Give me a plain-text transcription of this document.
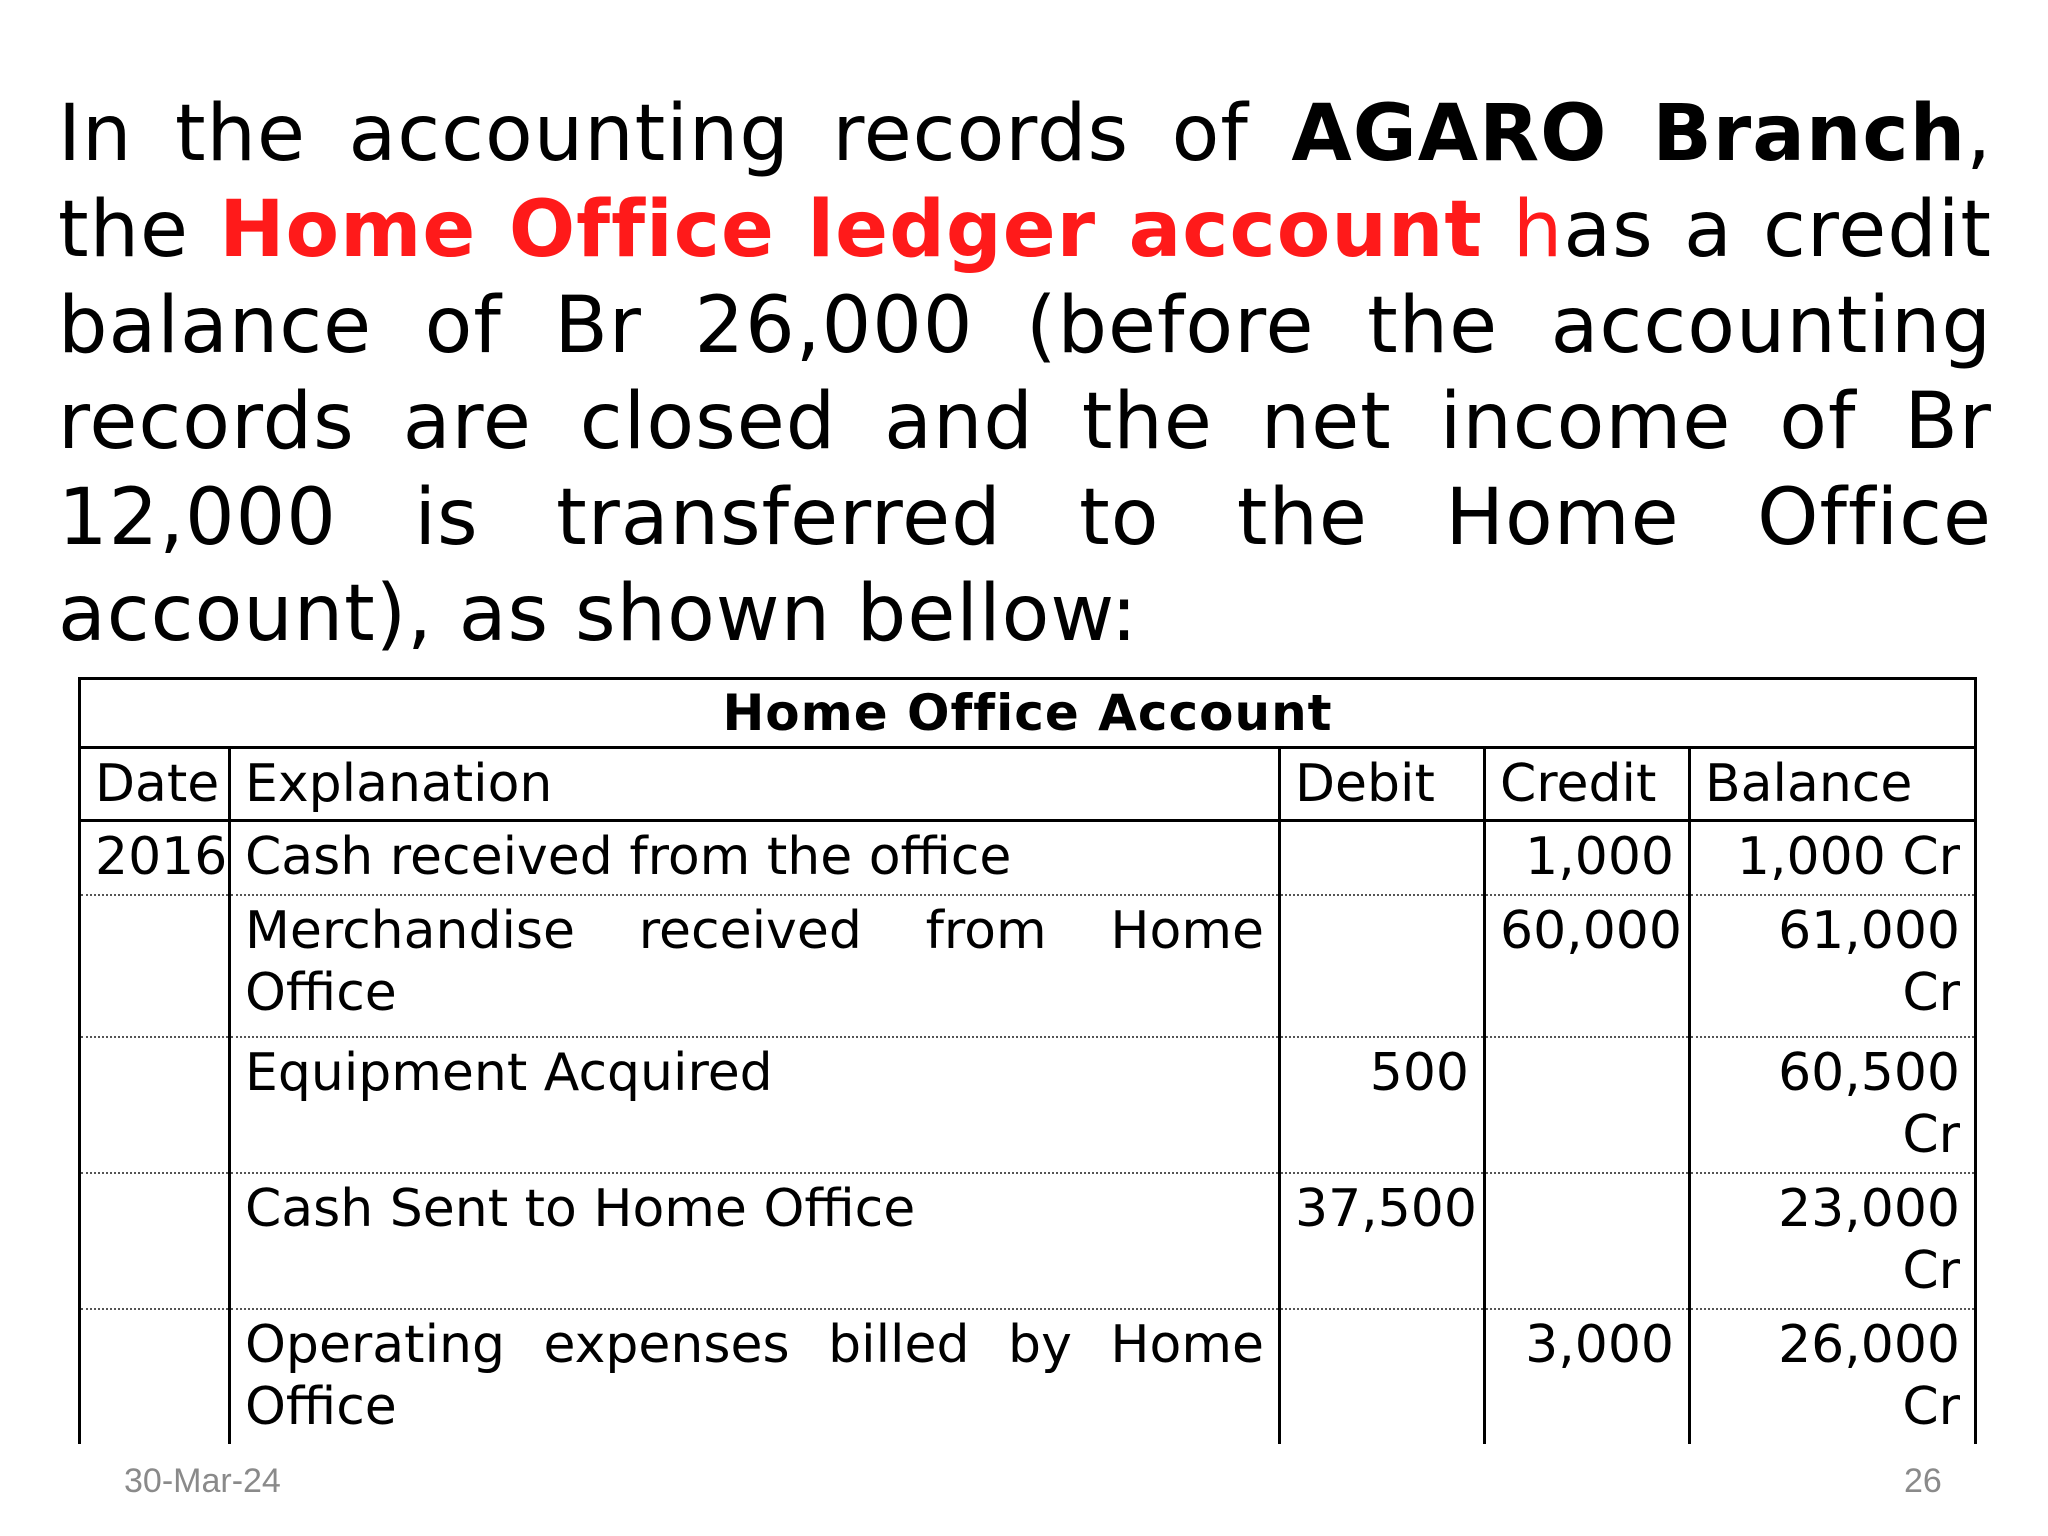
In the accounting records of AGARO Branch, the Home Office ledger account has a credit balance of Br 26,000 (before the accounting records are closed and the net income of Br 12,000 is transferred to the Home Office account), as shown bellow:
Home Office Account				
Date	Explanation	Debit	Credit	Balance
2016	Cash received from the office		1,000	1,000 Cr
	Merchandise received from Home Office		60,000	61,000 Cr
	Equipment Acquired	500		60,500 Cr
	Cash Sent to Home Office	37,500		23,000 Cr
	Operating expenses billed by Home Office		3,000	26,000 Cr
30-Mar-24	26
